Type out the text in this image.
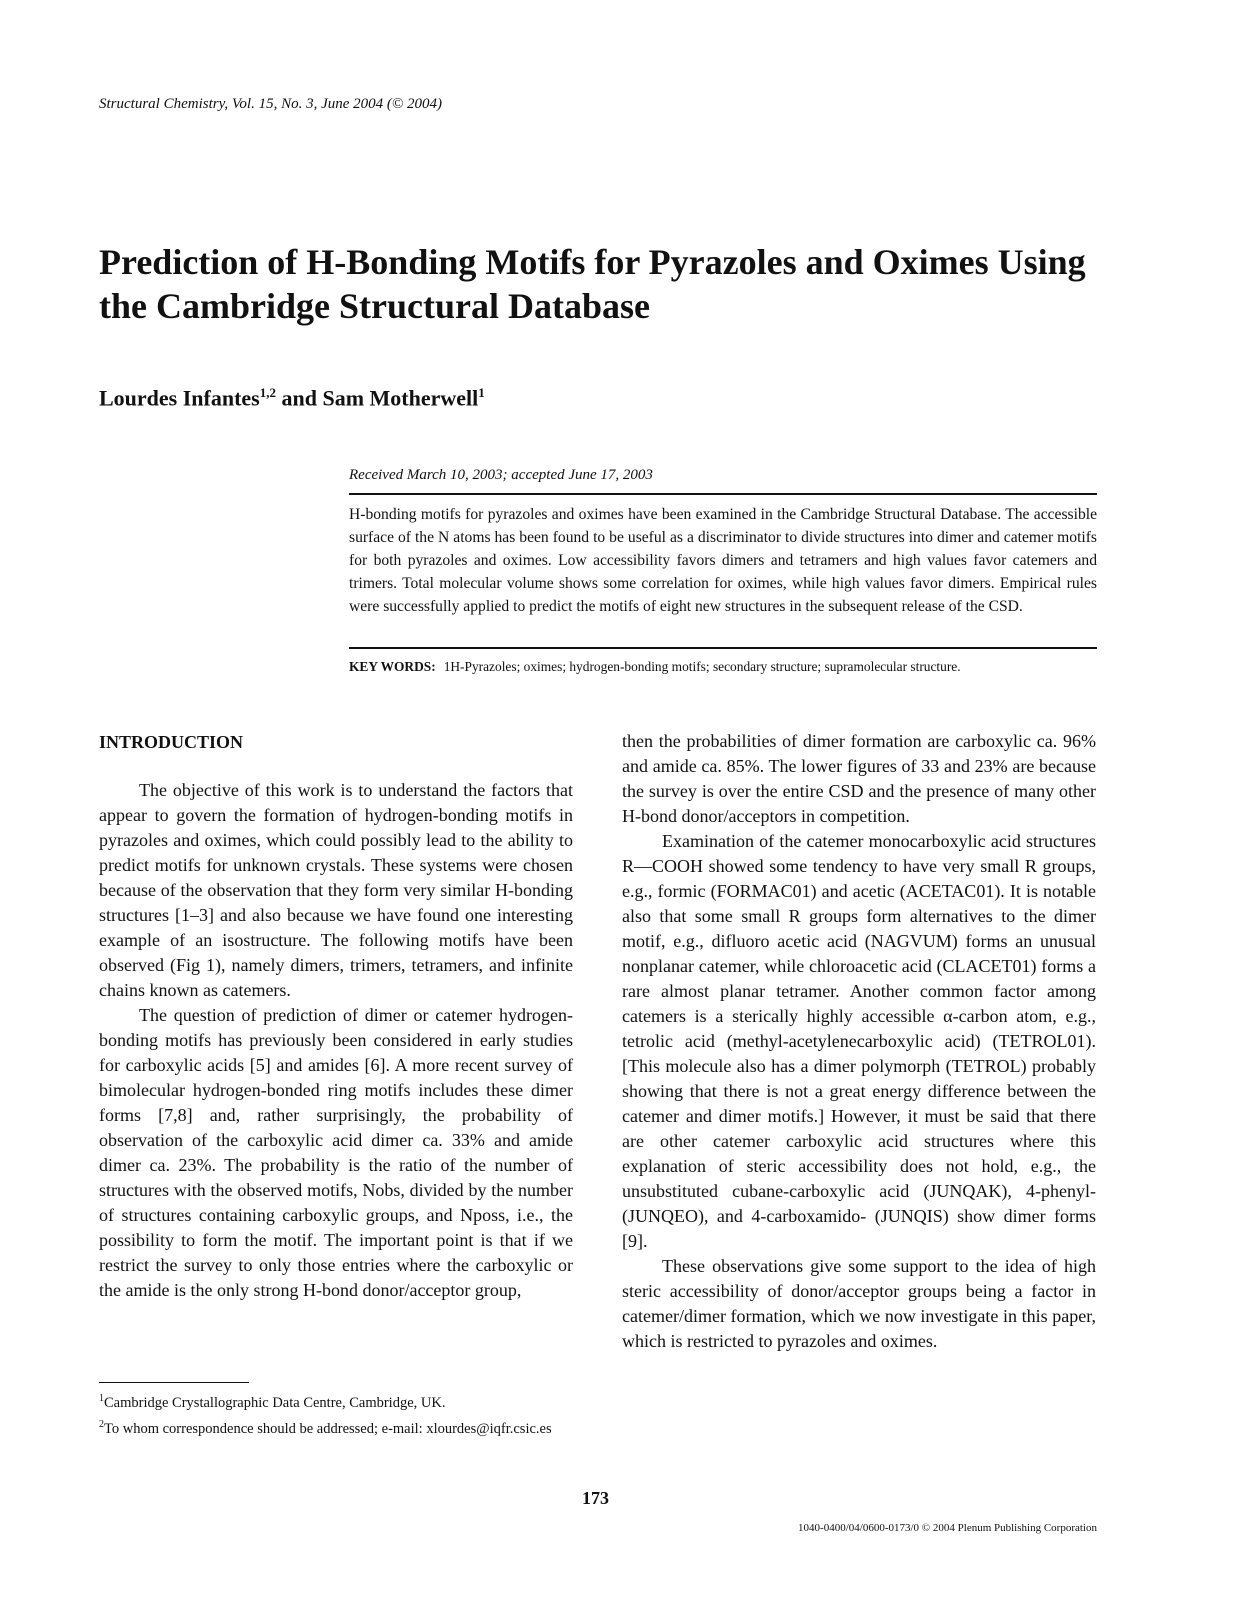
Structural Chemistry, Vol. 15, No. 3, June 2004 (© 2004)
Prediction of H-Bonding Motifs for Pyrazoles and Oximes Using the Cambridge Structural Database
Lourdes Infantes$^{1,2}$ and Sam Motherwell$^1$
Received March 10, 2003; accepted June 17, 2003
H-bonding motifs for pyrazoles and oximes have been examined in the Cambridge Structural Database. The accessible surface of the N atoms has been found to be useful as a discriminator to divide structures into dimer and catemer motifs for both pyrazoles and oximes. Low accessibility favors dimers and tetramers and high values favor catemers and trimers. Total molecular volume shows some correlation for oximes, while high values favor dimers. Empirical rules were successfully applied to predict the motifs of eight new structures in the subsequent release of the CSD.
KEY WORDS: 1H-Pyrazoles; oximes; hydrogen-bonding motifs; secondary structure; supramolecular structure.
INTRODUCTION

The objective of this work is to understand the factors that appear to govern the formation of hydrogen-bonding motifs in pyrazoles and oximes, which could possibly lead to the ability to predict motifs for unknown crystals. These systems were chosen because of the observation that they form very similar H-bonding structures [1–3] and also because we have found one interesting example of an isostructure. The following motifs have been observed (Fig 1), namely dimers, trimers, tetramers, and infinite chains known as catemers.

The question of prediction of dimer or catemer hydrogen-bonding motifs has previously been considered in early studies for carboxylic acids [5] and amides [6]. A more recent survey of bimolecular hydrogen-bonded ring motifs includes these dimer forms [7,8] and, rather surprisingly, the probability of observation of the carboxylic acid dimer ca. 33% and amide dimer ca. 23%. The probability is the ratio of the number of structures with the observed motifs, Nobs, divided by the number of structures containing carboxylic groups, and Nposs, i.e., the possibility to form the motif. The important point is that if we restrict the survey to only those entries where the carboxylic or the amide is the only strong H-bond donor/acceptor group,

then the probabilities of dimer formation are carboxylic ca. 96% and amide ca. 85%. The lower figures of 33 and 23% are because the survey is over the entire CSD and the presence of many other H-bond donor/acceptors in competition.

Examination of the catemer monocarboxylic acid structures R—COOH showed some tendency to have very small R groups, e.g., formic (FORMAC01) and acetic (ACETAC01). It is notable also that some small R groups form alternatives to the dimer motif, e.g., difluoro acetic acid (NAGVUM) forms an unusual nonplanar catemer, while chloroacetic acid (CLACET01) forms a rare almost planar tetramer. Another common factor among catemers is a sterically highly accessible α-carbon atom, e.g., tetrolic acid (methyl-acetylenecarboxylic acid) (TETROL01). [This molecule also has a dimer polymorph (TETROL) probably showing that there is not a great energy difference between the catemer and dimer motifs.] However, it must be said that there are other catemer carboxylic acid structures where this explanation of steric accessibility does not hold, e.g., the unsubstituted cubane-carboxylic acid (JUNQAK), 4-phenyl- (JUNQEO), and 4-carboxamido- (JUNQIS) show dimer forms [9].

These observations give some support to the idea of high steric accessibility of donor/acceptor groups being a factor in catemer/dimer formation, which we now investigate in this paper, which is restricted to pyrazoles and oximes.

$^1$Cambridge Crystallographic Data Centre, Cambridge, UK.
$^2$To whom correspondence should be addressed; e-mail: xlourdes@iqfr.csic.es
173
1040-0400/04/0600-0173/0 © 2004 Plenum Publishing Corporation
